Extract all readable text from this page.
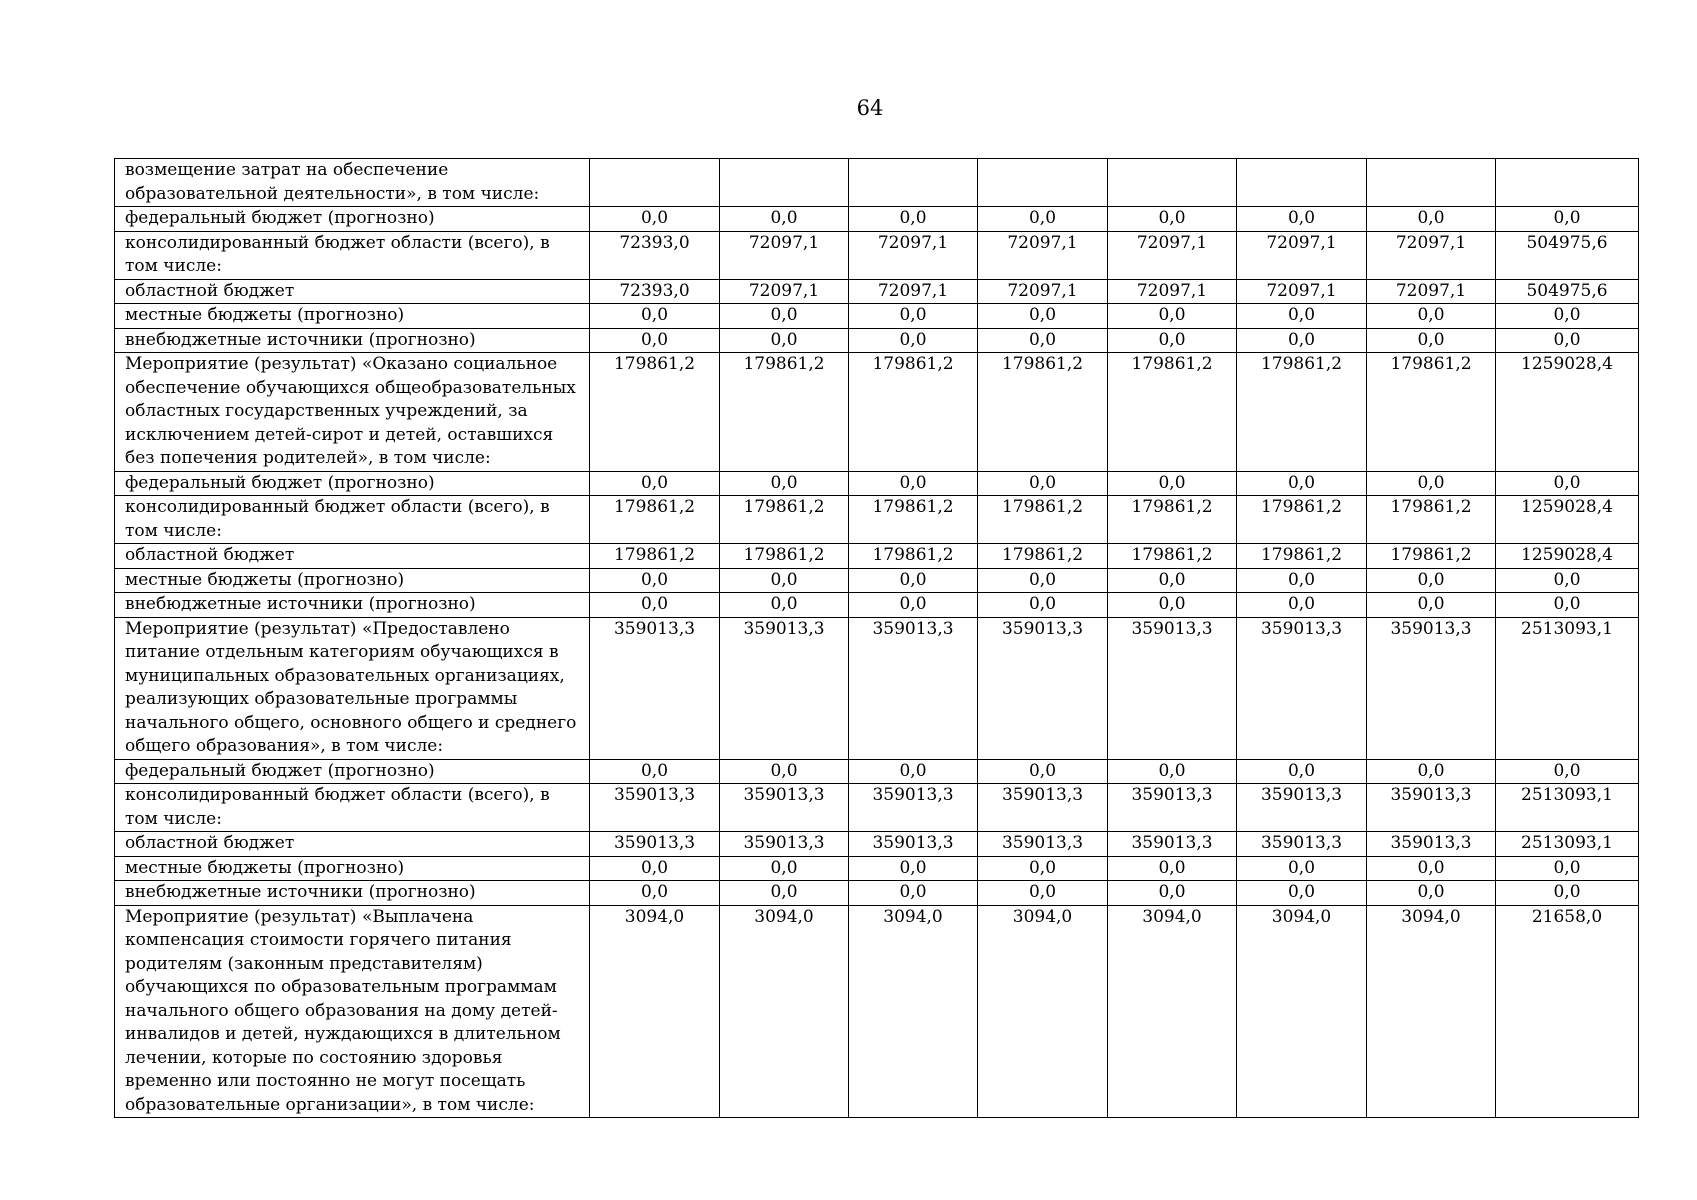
64
возмещение затрат на обеспечение образовательной деятельности», в том числе:								
федеральный бюджет (прогнозно)	0,0	0,0	0,0	0,0	0,0	0,0	0,0	0,0
консолидированный бюджет области (всего), в том числе:	72393,0	72097,1	72097,1	72097,1	72097,1	72097,1	72097,1	504975,6
областной бюджет	72393,0	72097,1	72097,1	72097,1	72097,1	72097,1	72097,1	504975,6
местные бюджеты (прогнозно)	0,0	0,0	0,0	0,0	0,0	0,0	0,0	0,0
внебюджетные источники (прогнозно)	0,0	0,0	0,0	0,0	0,0	0,0	0,0	0,0
Мероприятие (результат) «Оказано социальное обеспечение обучающихся общеобразовательных областных государственных учреждений, за исключением детей-сирот и детей, оставшихся без попечения родителей», в том числе:	179861,2	179861,2	179861,2	179861,2	179861,2	179861,2	179861,2	1259028,4
федеральный бюджет (прогнозно)	0,0	0,0	0,0	0,0	0,0	0,0	0,0	0,0
консолидированный бюджет области (всего), в том числе:	179861,2	179861,2	179861,2	179861,2	179861,2	179861,2	179861,2	1259028,4
областной бюджет	179861,2	179861,2	179861,2	179861,2	179861,2	179861,2	179861,2	1259028,4
местные бюджеты (прогнозно)	0,0	0,0	0,0	0,0	0,0	0,0	0,0	0,0
внебюджетные источники (прогнозно)	0,0	0,0	0,0	0,0	0,0	0,0	0,0	0,0
Мероприятие (результат) «Предоставлено питание отдельным категориям обучающихся в муниципальных образовательных организациях, реализующих образовательные программы начального общего, основного общего и среднего общего образования», в том числе:	359013,3	359013,3	359013,3	359013,3	359013,3	359013,3	359013,3	2513093,1
федеральный бюджет (прогнозно)	0,0	0,0	0,0	0,0	0,0	0,0	0,0	0,0
консолидированный бюджет области (всего), в том числе:	359013,3	359013,3	359013,3	359013,3	359013,3	359013,3	359013,3	2513093,1
областной бюджет	359013,3	359013,3	359013,3	359013,3	359013,3	359013,3	359013,3	2513093,1
местные бюджеты (прогнозно)	0,0	0,0	0,0	0,0	0,0	0,0	0,0	0,0
внебюджетные источники (прогнозно)	0,0	0,0	0,0	0,0	0,0	0,0	0,0	0,0
Мероприятие (результат) «Выплачена компенсация стоимости горячего питания родителям (законным представителям) обучающихся по образовательным программам начального общего образования на дому детей-инвалидов и детей, нуждающихся в длительном лечении, которые по состоянию здоровья временно или постоянно не могут посещать образовательные организации», в том числе:	3094,0	3094,0	3094,0	3094,0	3094,0	3094,0	3094,0	21658,0
